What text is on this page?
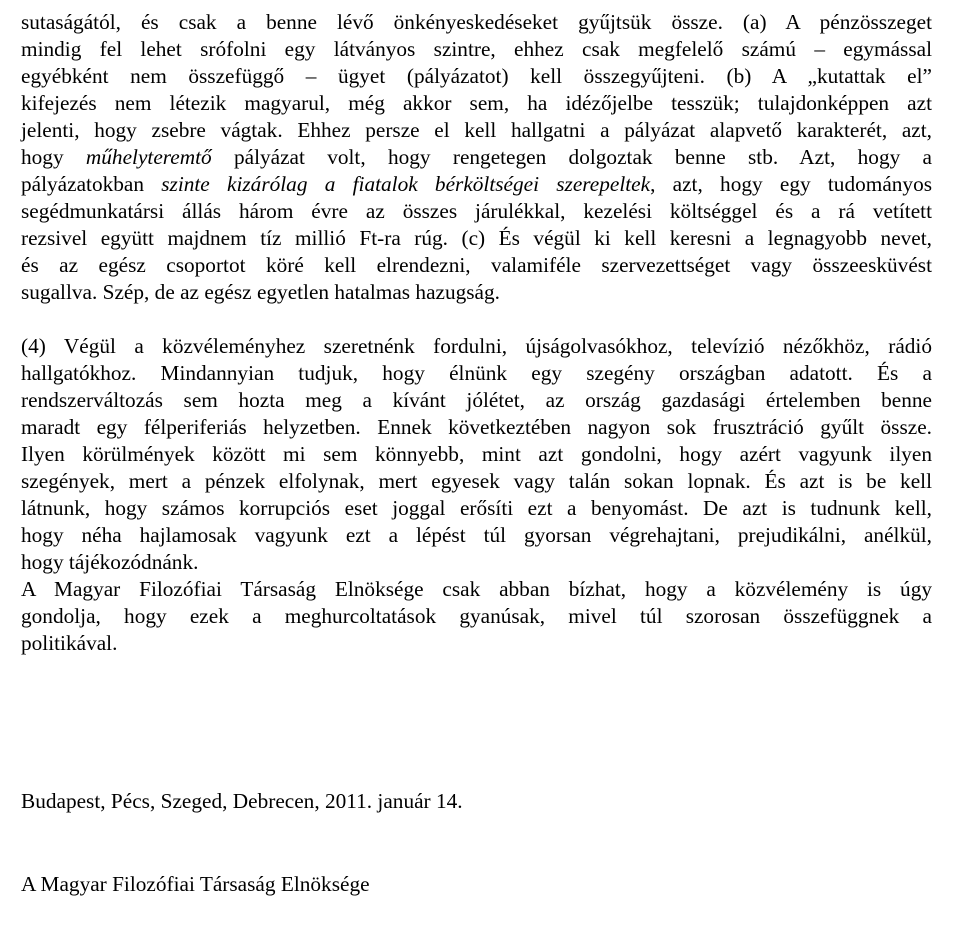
sutaságától, és csak a benne lévő önkényeskedéseket gyűjtsük össze. (a) A pénzösszeget
mindig fel lehet srófolni egy látványos szintre, ehhez csak megfelelő számú – egymással
egyébként nem összefüggő – ügyet (pályázatot) kell összegyűjteni. (b) A „kutattak el”
kifejezés nem létezik magyarul, még akkor sem, ha idézőjelbe tesszük; tulajdonképpen azt
jelenti, hogy zsebre vágtak. Ehhez persze el kell hallgatni a pályázat alapvető karakterét, azt,
hogy műhelyteremtő pályázat volt, hogy rengetegen dolgoztak benne stb. Azt, hogy a
pályázatokban szinte kizárólag a fiatalok bérköltségei szerepeltek, azt, hogy egy tudományos
segédmunkatársi állás három évre az összes járulékkal, kezelési költséggel és a rá vetített
rezsivel együtt majdnem tíz millió Ft-ra rúg. (c) És végül ki kell keresni a legnagyobb nevet,
és az egész csoportot köré kell elrendezni, valamiféle szervezettséget vagy összeesküvést
sugallva. Szép, de az egész egyetlen hatalmas hazugság.
(4) Végül a közvéleményhez szeretnénk fordulni, újságolvasókhoz, televízió nézőkhöz, rádió
hallgatókhoz. Mindannyian tudjuk, hogy élnünk egy szegény országban adatott. És a
rendszerváltozás sem hozta meg a kívánt jólétet, az ország gazdasági értelemben benne
maradt egy félperiferiás helyzetben. Ennek következtében nagyon sok frusztráció gyűlt össze.
Ilyen körülmények között mi sem könnyebb, mint azt gondolni, hogy azért vagyunk ilyen
szegények, mert a pénzek elfolynak, mert egyesek vagy talán sokan lopnak. És azt is be kell
látnunk, hogy számos korrupciós eset joggal erősíti ezt a benyomást. De azt is tudnunk kell,
hogy néha hajlamosak vagyunk ezt a lépést túl gyorsan végrehajtani, prejudikálni, anélkül,
hogy tájékozódnánk.
A Magyar Filozófiai Társaság Elnöksége csak abban bízhat, hogy a közvélemény is úgy
gondolja, hogy ezek a meghurcoltatások gyanúsak, mivel túl szorosan összefüggnek a
politikával.
Budapest, Pécs, Szeged, Debrecen, 2011. január 14.
A Magyar Filozófiai Társaság Elnöksége
